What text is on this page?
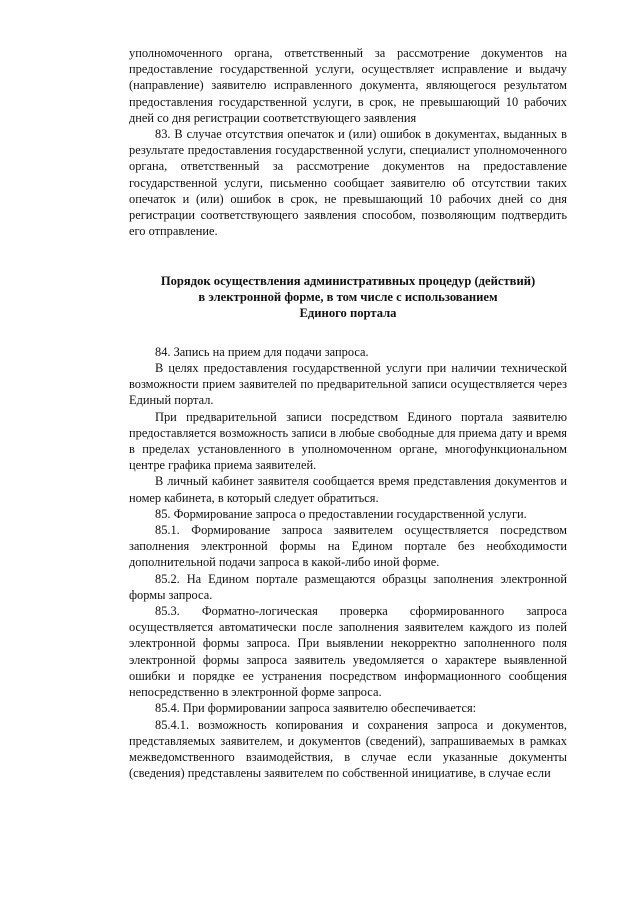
уполномоченного органа, ответственный за рассмотрение документов на предоставление государственной услуги, осуществляет исправление и выдачу (направление) заявителю исправленного документа, являющегося результатом предоставления государственной услуги, в срок, не превышающий 10 рабочих дней со дня регистрации соответствующего заявления

83. В случае отсутствия опечаток и (или) ошибок в документах, выданных в результате предоставления государственной услуги, специалист уполномоченного органа, ответственный за рассмотрение документов на предоставление государственной услуги, письменно сообщает заявителю об отсутствии таких опечаток и (или) ошибок в срок, не превышающий 10 рабочих дней со дня регистрации соответствующего заявления способом, позволяющим подтвердить его отправление.

Порядок осуществления административных процедур (действий)
в электронной форме, в том числе с использованием
Единого портала

84. Запись на прием для подачи запроса.

В целях предоставления государственной услуги при наличии технической возможности прием заявителей по предварительной записи осуществляется через Единый портал.

При предварительной записи посредством Единого портала заявителю предоставляется возможность записи в любые свободные для приема дату и время в пределах установленного в уполномоченном органе, многофункциональном центре графика приема заявителей.

В личный кабинет заявителя сообщается время представления документов и номер кабинета, в который следует обратиться.

85. Формирование запроса о предоставлении государственной услуги.

85.1. Формирование запроса заявителем осуществляется посредством заполнения электронной формы на Едином портале без необходимости дополнительной подачи запроса в какой-либо иной форме.

85.2. На Едином портале размещаются образцы заполнения электронной формы запроса.

85.3. Форматно-логическая проверка сформированного запроса осуществляется автоматически после заполнения заявителем каждого из полей электронной формы запроса. При выявлении некорректно заполненного поля электронной формы запроса заявитель уведомляется о характере выявленной ошибки и порядке ее устранения посредством информационного сообщения непосредственно в электронной форме запроса.

85.4. При формировании запроса заявителю обеспечивается:

85.4.1. возможность копирования и сохранения запроса и документов, представляемых заявителем, и документов (сведений), запрашиваемых в рамках межведомственного взаимодействия, в случае если указанные документы (сведения) представлены заявителем по собственной инициативе, в случае если
